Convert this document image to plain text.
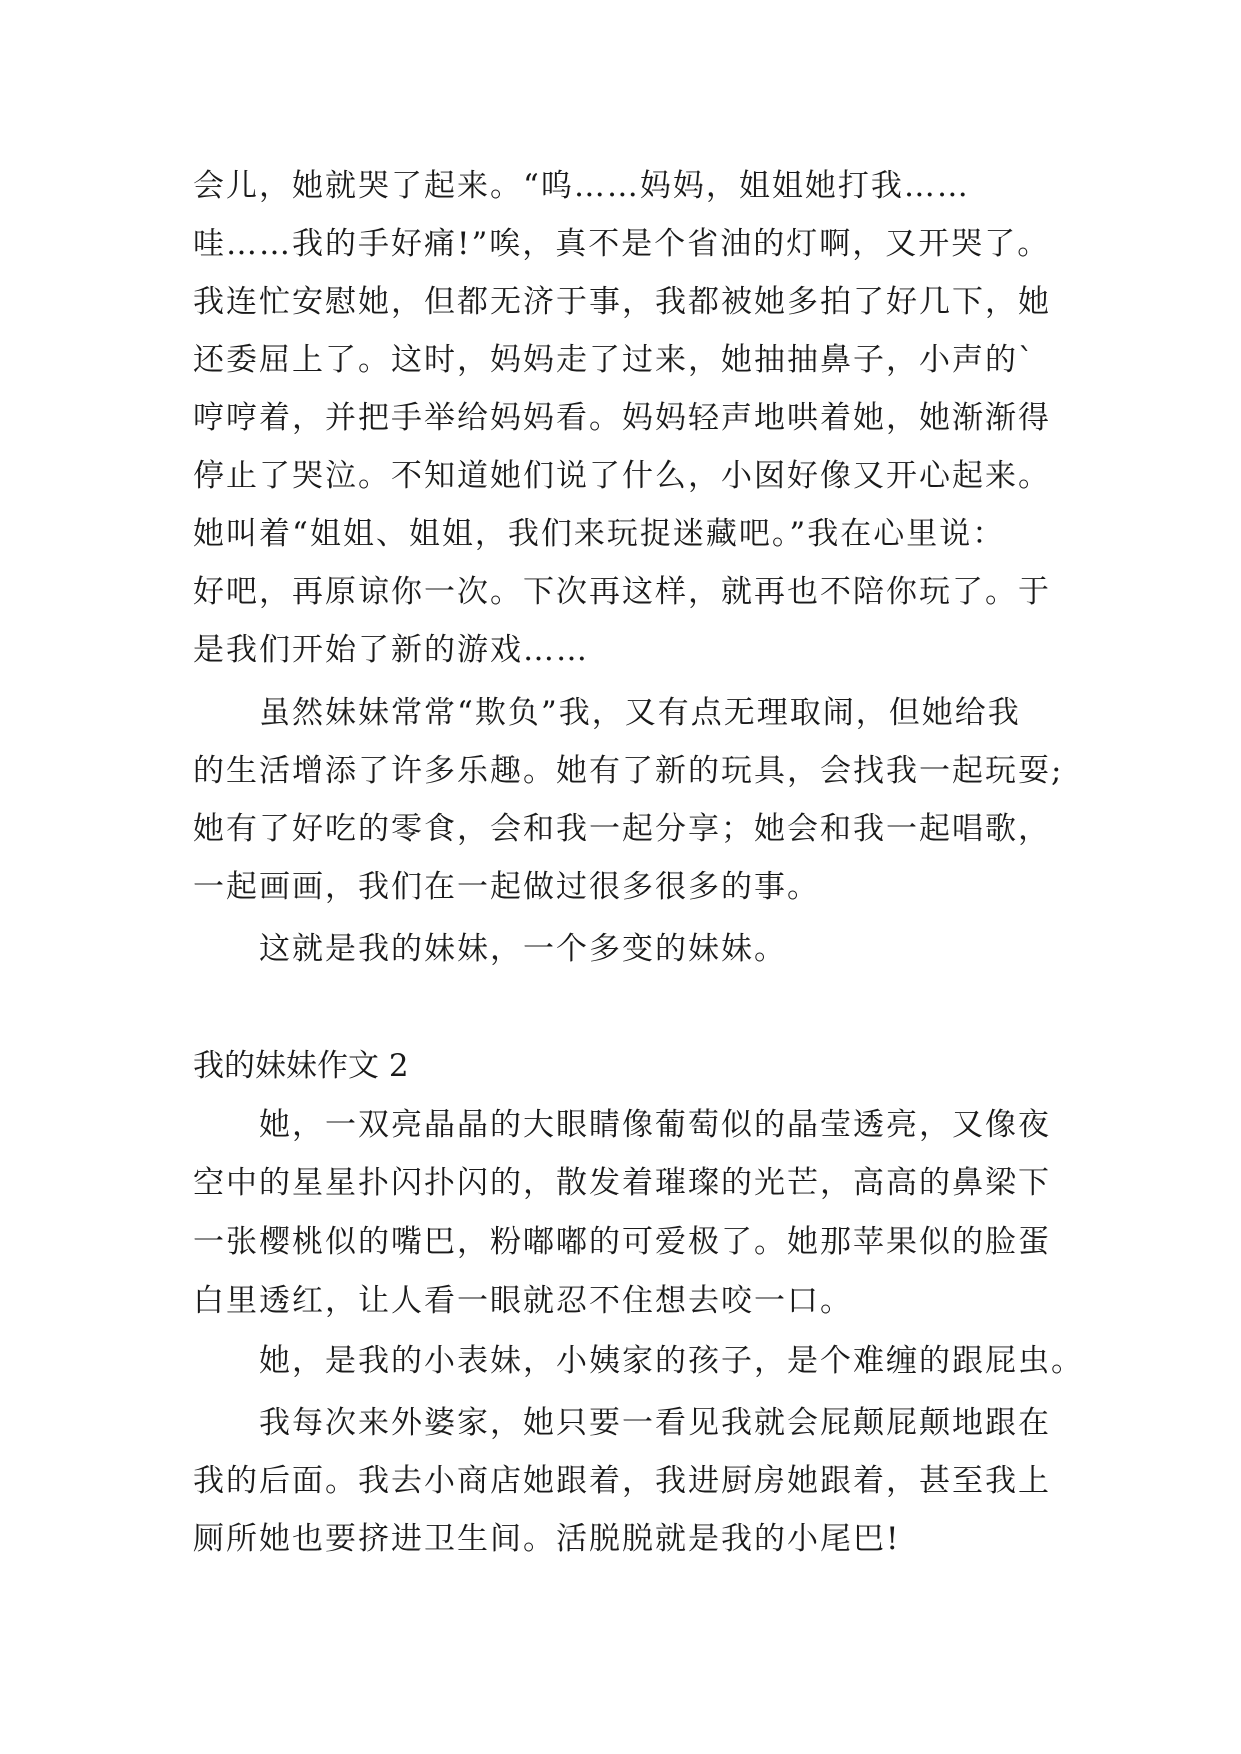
会儿，她就哭了起来。“呜……妈妈，姐姐她打我……

哇……我的手好痛!”唉，真不是个省油的灯啊，又开哭了。

我连忙安慰她，但都无济于事，我都被她多拍了好几下，她

还委屈上了。这时，妈妈走了过来，她抽抽鼻子，小声的`

哼哼着，并把手举给妈妈看。妈妈轻声地哄着她，她渐渐得

停止了哭泣。不知道她们说了什么，小囡好像又开心起来。

她叫着“姐姐、姐姐，我们来玩捉迷藏吧。”我在心里说：

好吧，再原谅你一次。下次再这样，就再也不陪你玩了。于

是我们开始了新的游戏……

虽然妹妹常常“欺负”我，又有点无理取闹，但她给我

的生活增添了许多乐趣。她有了新的玩具，会找我一起玩耍;

她有了好吃的零食，会和我一起分享；她会和我一起唱歌，

一起画画，我们在一起做过很多很多的事。

这就是我的妹妹，一个多变的妹妹。

我的妹妹作文 2

她，一双亮晶晶的大眼睛像葡萄似的晶莹透亮，又像夜

空中的星星扑闪扑闪的，散发着璀璨的光芒，高高的鼻梁下

一张樱桃似的嘴巴，粉嘟嘟的可爱极了。她那苹果似的脸蛋

白里透红，让人看一眼就忍不住想去咬一口。

她，是我的小表妹，小姨家的孩子，是个难缠的跟屁虫。

我每次来外婆家，她只要一看见我就会屁颠屁颠地跟在

我的后面。我去小商店她跟着，我进厨房她跟着，甚至我上

厕所她也要挤进卫生间。活脱脱就是我的小尾巴!
